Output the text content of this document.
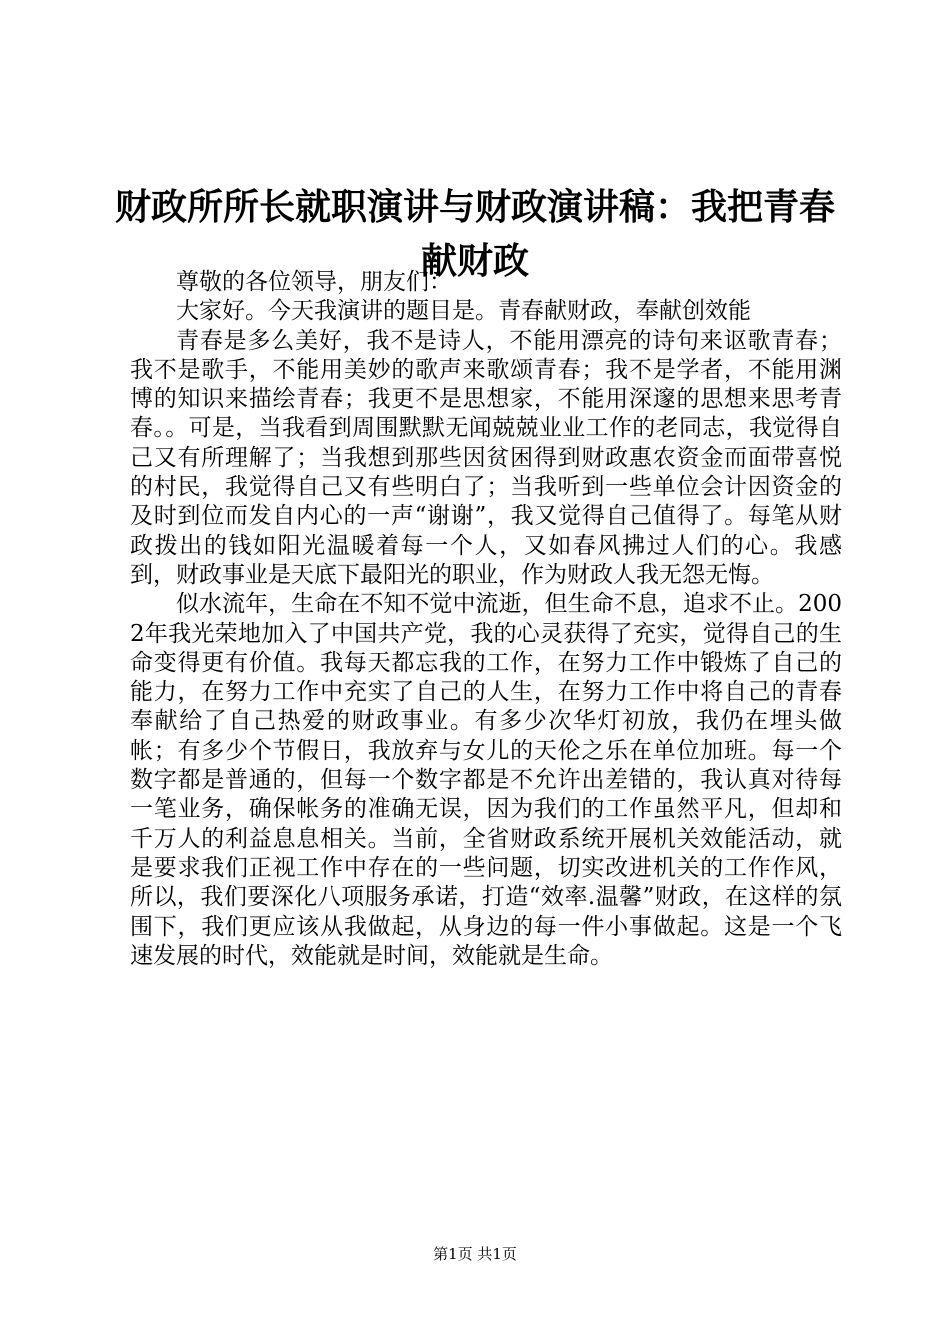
财政所所长就职演讲与财政演讲稿：我把青春献财政

尊敬的各位领导，朋友们：

大家好。今天我演讲的题目是。青春献财政，奉献创效能

青春是多么美好，我不是诗人，不能用漂亮的诗句来讴歌青春；我不是歌手，不能用美妙的歌声来歌颂青春；我不是学者，不能用渊博的知识来描绘青春；我更不是思想家，不能用深邃的思想来思考青春。。可是，当我看到周围默默无闻兢兢业业工作的老同志，我觉得自己又有所理解了；当我想到那些因贫困得到财政惠农资金而面带喜悦的村民，我觉得自己又有些明白了；当我听到一些单位会计因资金的及时到位而发自内心的一声“谢谢”，我又觉得自己值得了。每笔从财政拨出的钱如阳光温暖着每一个人，又如春风拂过人们的心。我感到，财政事业是天底下最阳光的职业，作为财政人我无怨无悔。

似水流年，生命在不知不觉中流逝，但生命不息，追求不止。2002年我光荣地加入了中国共产党，我的心灵获得了充实，觉得自己的生命变得更有价值。我每天都忘我的工作，在努力工作中锻炼了自己的能力，在努力工作中充实了自己的人生，在努力工作中将自己的青春奉献给了自己热爱的财政事业。有多少次华灯初放，我仍在埋头做帐；有多少个节假日，我放弃与女儿的天伦之乐在单位加班。每一个数字都是普通的，但每一个数字都是不允许出差错的，我认真对待每一笔业务，确保帐务的准确无误，因为我们的工作虽然平凡，但却和千万人的利益息息相关。当前，全省财政系统开展机关效能活动，就是要求我们正视工作中存在的一些问题，切实改进机关的工作作风，所以，我们要深化八项服务承诺，打造“效率.温馨”财政，在这样的氛围下，我们更应该从我做起，从身边的每一件小事做起。这是一个飞速发展的时代，效能就是时间，效能就是生命。

第1页 共1页
